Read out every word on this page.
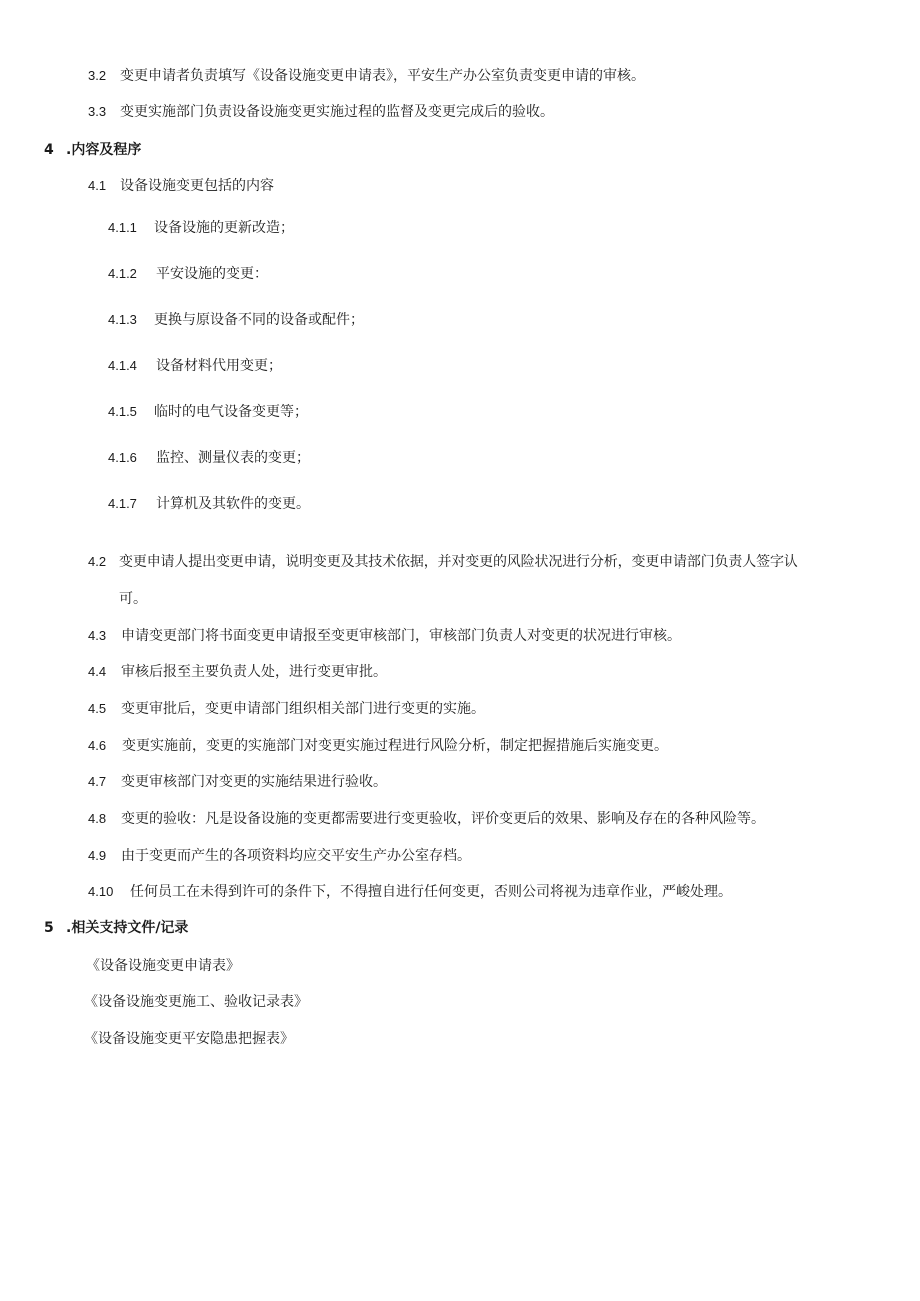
3.2 变更申请者负责填写《设备设施变更申请表》，平安生产办公室负责变更申请的审核。
3.3 变更实施部门负责设备设施变更实施过程的监督及变更完成后的验收。
4 .内容及程序
4.1 设备设施变更包括的内容
4.1.1 设备设施的更新改造；
4.1.2 平安设施的变更：
4.1.3 更换与原设备不同的设备或配件；
4.1.4 设备材料代用变更；
4.1.5 临时的电气设备变更等；
4.1.6 监控、测量仪表的变更；
4.1.7 计算机及其软件的变更。
4.2 变更申请人提出变更申请，说明变更及其技术依据，并对变更的风险状况进行分析，变更申请部门负责人签字认
可。
4.3 申请变更部门将书面变更申请报至变更审核部门，审核部门负责人对变更的状况进行审核。
4.4 审核后报至主要负责人处，进行变更审批。
4.5 变更审批后，变更申请部门组织相关部门进行变更的实施。
4.6 变更实施前，变更的实施部门对变更实施过程进行风险分析，制定把握措施后实施变更。
4.7 变更审核部门对变更的实施结果进行验收。
4.8 变更的验收：凡是设备设施的变更都需要进行变更验收，评价变更后的效果、影响及存在的各种风险等。
4.9 由于变更而产生的各项资料均应交平安生产办公室存档。
4.10 任何员工在未得到许可的条件下，不得擅自进行任何变更，否则公司将视为违章作业，严峻处理。
5 .相关支持文件/记录
《设备设施变更申请表》
《设备设施变更施工、验收记录表》
《设备设施变更平安隐患把握表》
